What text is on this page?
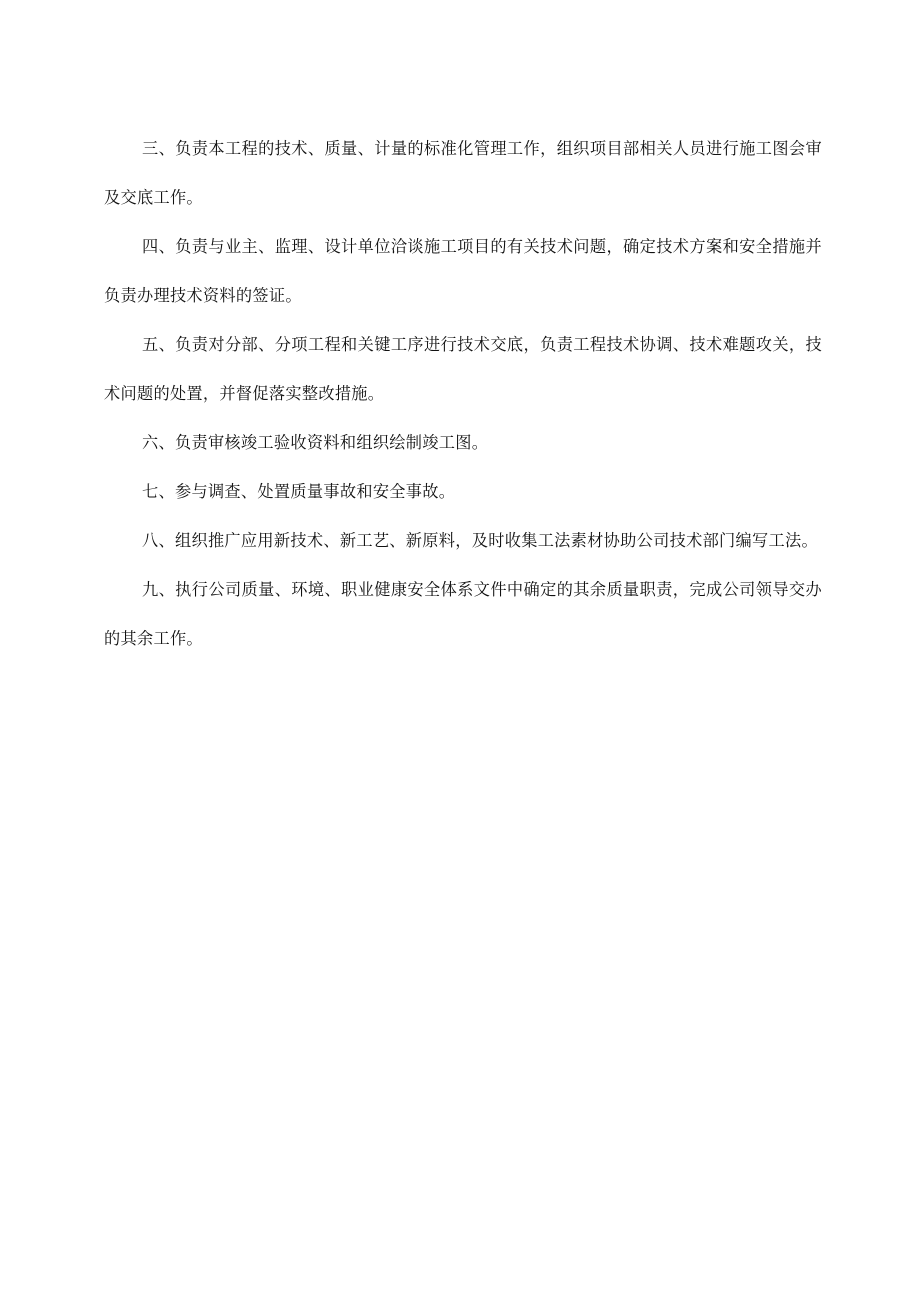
三、负责本工程的技术、质量、计量的标准化管理工作，组织项目部相关人员进行施工图会审及交底工作。

四、负责与业主、监理、设计单位洽谈施工项目的有关技术问题，确定技术方案和安全措施并负责办理技术资料的签证。

五、负责对分部、分项工程和关键工序进行技术交底，负责工程技术协调、技术难题攻关，技术问题的处置，并督促落实整改措施。

六、负责审核竣工验收资料和组织绘制竣工图。

七、参与调查、处置质量事故和安全事故。

八、组织推广应用新技术、新工艺、新原料，及时收集工法素材协助公司技术部门编写工法。

九、执行公司质量、环境、职业健康安全体系文件中确定的其余质量职责，完成公司领导交办的其余工作。
